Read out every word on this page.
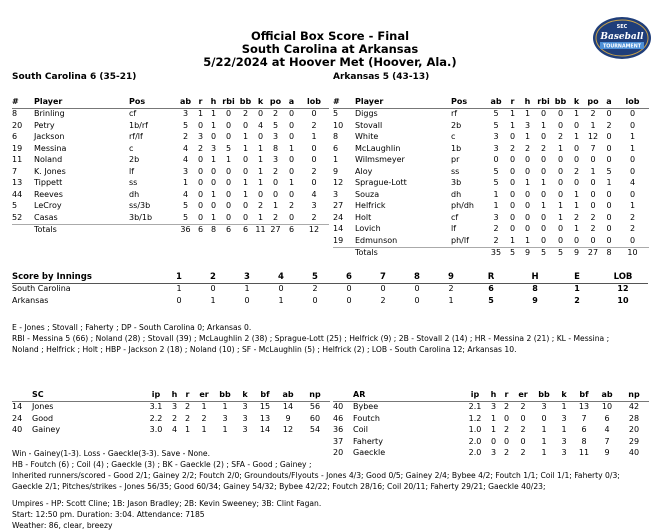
Official Box Score - Final
South Carolina at Arkansas
5/22/2024 at Hoover Met (Hoover, Ala.)
SEC
Baseball
TOURNAMENT
South Carolina 6 (35-21)	Arkansas 5 (43-13)
#	Player	Pos	ab	r	h	rbi	bb	k	po	a	lob
8	Brinling	cf	3	1	1	0	2	0	2	0	0
20	Petry	1b/rf	5	0	1	0	0	4	5	0	2
6	Jackson	rf/lf	2	3	0	0	1	0	3	0	1
19	Messina	c	4	2	3	5	1	1	8	1	0
11	Noland	2b	4	0	1	1	0	1	3	0	0
7	K. Jones	lf	3	0	0	0	0	1	2	0	2
13	Tippett	ss	1	0	0	0	1	1	0	1	0
44	Reeves	dh	4	0	1	0	1	0	0	0	4
5	LeCroy	ss/3b	5	0	0	0	0	2	1	2	3
52	Casas	3b/1b	5	0	1	0	0	1	2	0	2
	Totals		36	6	8	6	6	11	27	6	12
#	Player	Pos	ab	r	h	rbi	bb	k	po	a	lob
5	Diggs	rf	5	1	1	0	0	1	2	0	0
10	Stovall	2b	5	1	3	1	0	0	1	2	0
8	White	c	3	0	1	0	2	1	12	0	1
6	McLaughlin	1b	3	2	2	2	1	0	7	0	1
1	Wilmsmeyer	pr	0	0	0	0	0	0	0	0	0
9	Aloy	ss	5	0	0	0	0	2	1	5	0
12	Sprague-Lott	3b	5	0	1	1	0	0	0	1	4
3	Souza	dh	1	0	0	0	0	1	0	0	0
27	Helfrick	ph/dh	1	0	0	1	1	1	0	0	1
24	Holt	cf	3	0	0	0	1	2	2	0	2
14	Lovich	lf	2	0	0	0	0	1	2	0	2
19	Edmunson	ph/lf	2	1	1	0	0	0	0	0	0
	Totals		35	5	9	5	5	9	27	8	10
Score by Innings	1	2	3	4	5	6	7	8	9	R	H	E	LOB
South Carolina	1	0	1	0	2	0	0	0	2	6	8	1	12
Arkansas	0	1	0	1	0	0	2	0	1	5	9	2	10
E - Jones ; Stovall ; Faherty ; DP - South Carolina 0; Arkansas 0.
RBI - Messina 5 (66) ; Noland (28) ; Stovall (39) ; McLaughlin 2 (38) ; Sprague-Lott (25) ; Helfrick (9) ; 2B - Stovall 2 (14) ; HR - Messina 2 (21) ; KL - Messina ;
Noland ; Helfrick ; Holt ; HBP - Jackson 2 (18) ; Noland (10) ; SF - McLaughlin (5) ; Helfrick (2) ; LOB - South Carolina 12; Arkansas 10.
	SC	ip	h	r	er	bb	k	bf	ab	np
14	Jones	3.1	3	2	1	1	3	15	14	56
24	Good	2.2	2	2	2	3	3	13	9	60
40	Gainey	3.0	4	1	1	1	3	14	12	54
	AR	ip	h	r	er	bb	k	bf	ab	np
40	Bybee	2.1	3	2	2	3	1	13	10	42
46	Foutch	1.2	1	0	0	0	3	7	6	28
36	Coil	1.0	1	2	2	1	1	6	4	20
37	Faherty	2.0	0	0	0	1	3	8	7	29
20	Gaeckle	2.0	3	2	2	1	3	11	9	40
Win - Gainey(1-3). Loss - Gaeckle(3-3). Save - None.
HB - Foutch (6) ; Coil (4) ; Gaeckle (3) ; BK - Gaeckle (2) ; SFA - Good ; Gainey ;
Inherited runners/scored - Good 2/1; Gainey 2/2; Foutch 2/0; Groundouts/Flyouts - Jones 4/3; Good 0/5; Gainey 2/4; Bybee 4/2; Foutch 1/1; Coil 1/1; Faherty 0/3;
Gaeckle 2/1; Pitches/strikes - Jones 56/35; Good 60/34; Gainey 54/32; Bybee 42/22; Foutch 28/16; Coil 20/11; Faherty 29/21; Gaeckle 40/23;
Umpires - HP: Scott Cline; 1B: Jason Bradley; 2B: Kevin Sweeney; 3B: Clint Fagan.
Start: 12:50 pm. Duration: 3:04. Attendance: 7185
Weather: 86, clear, breezy
